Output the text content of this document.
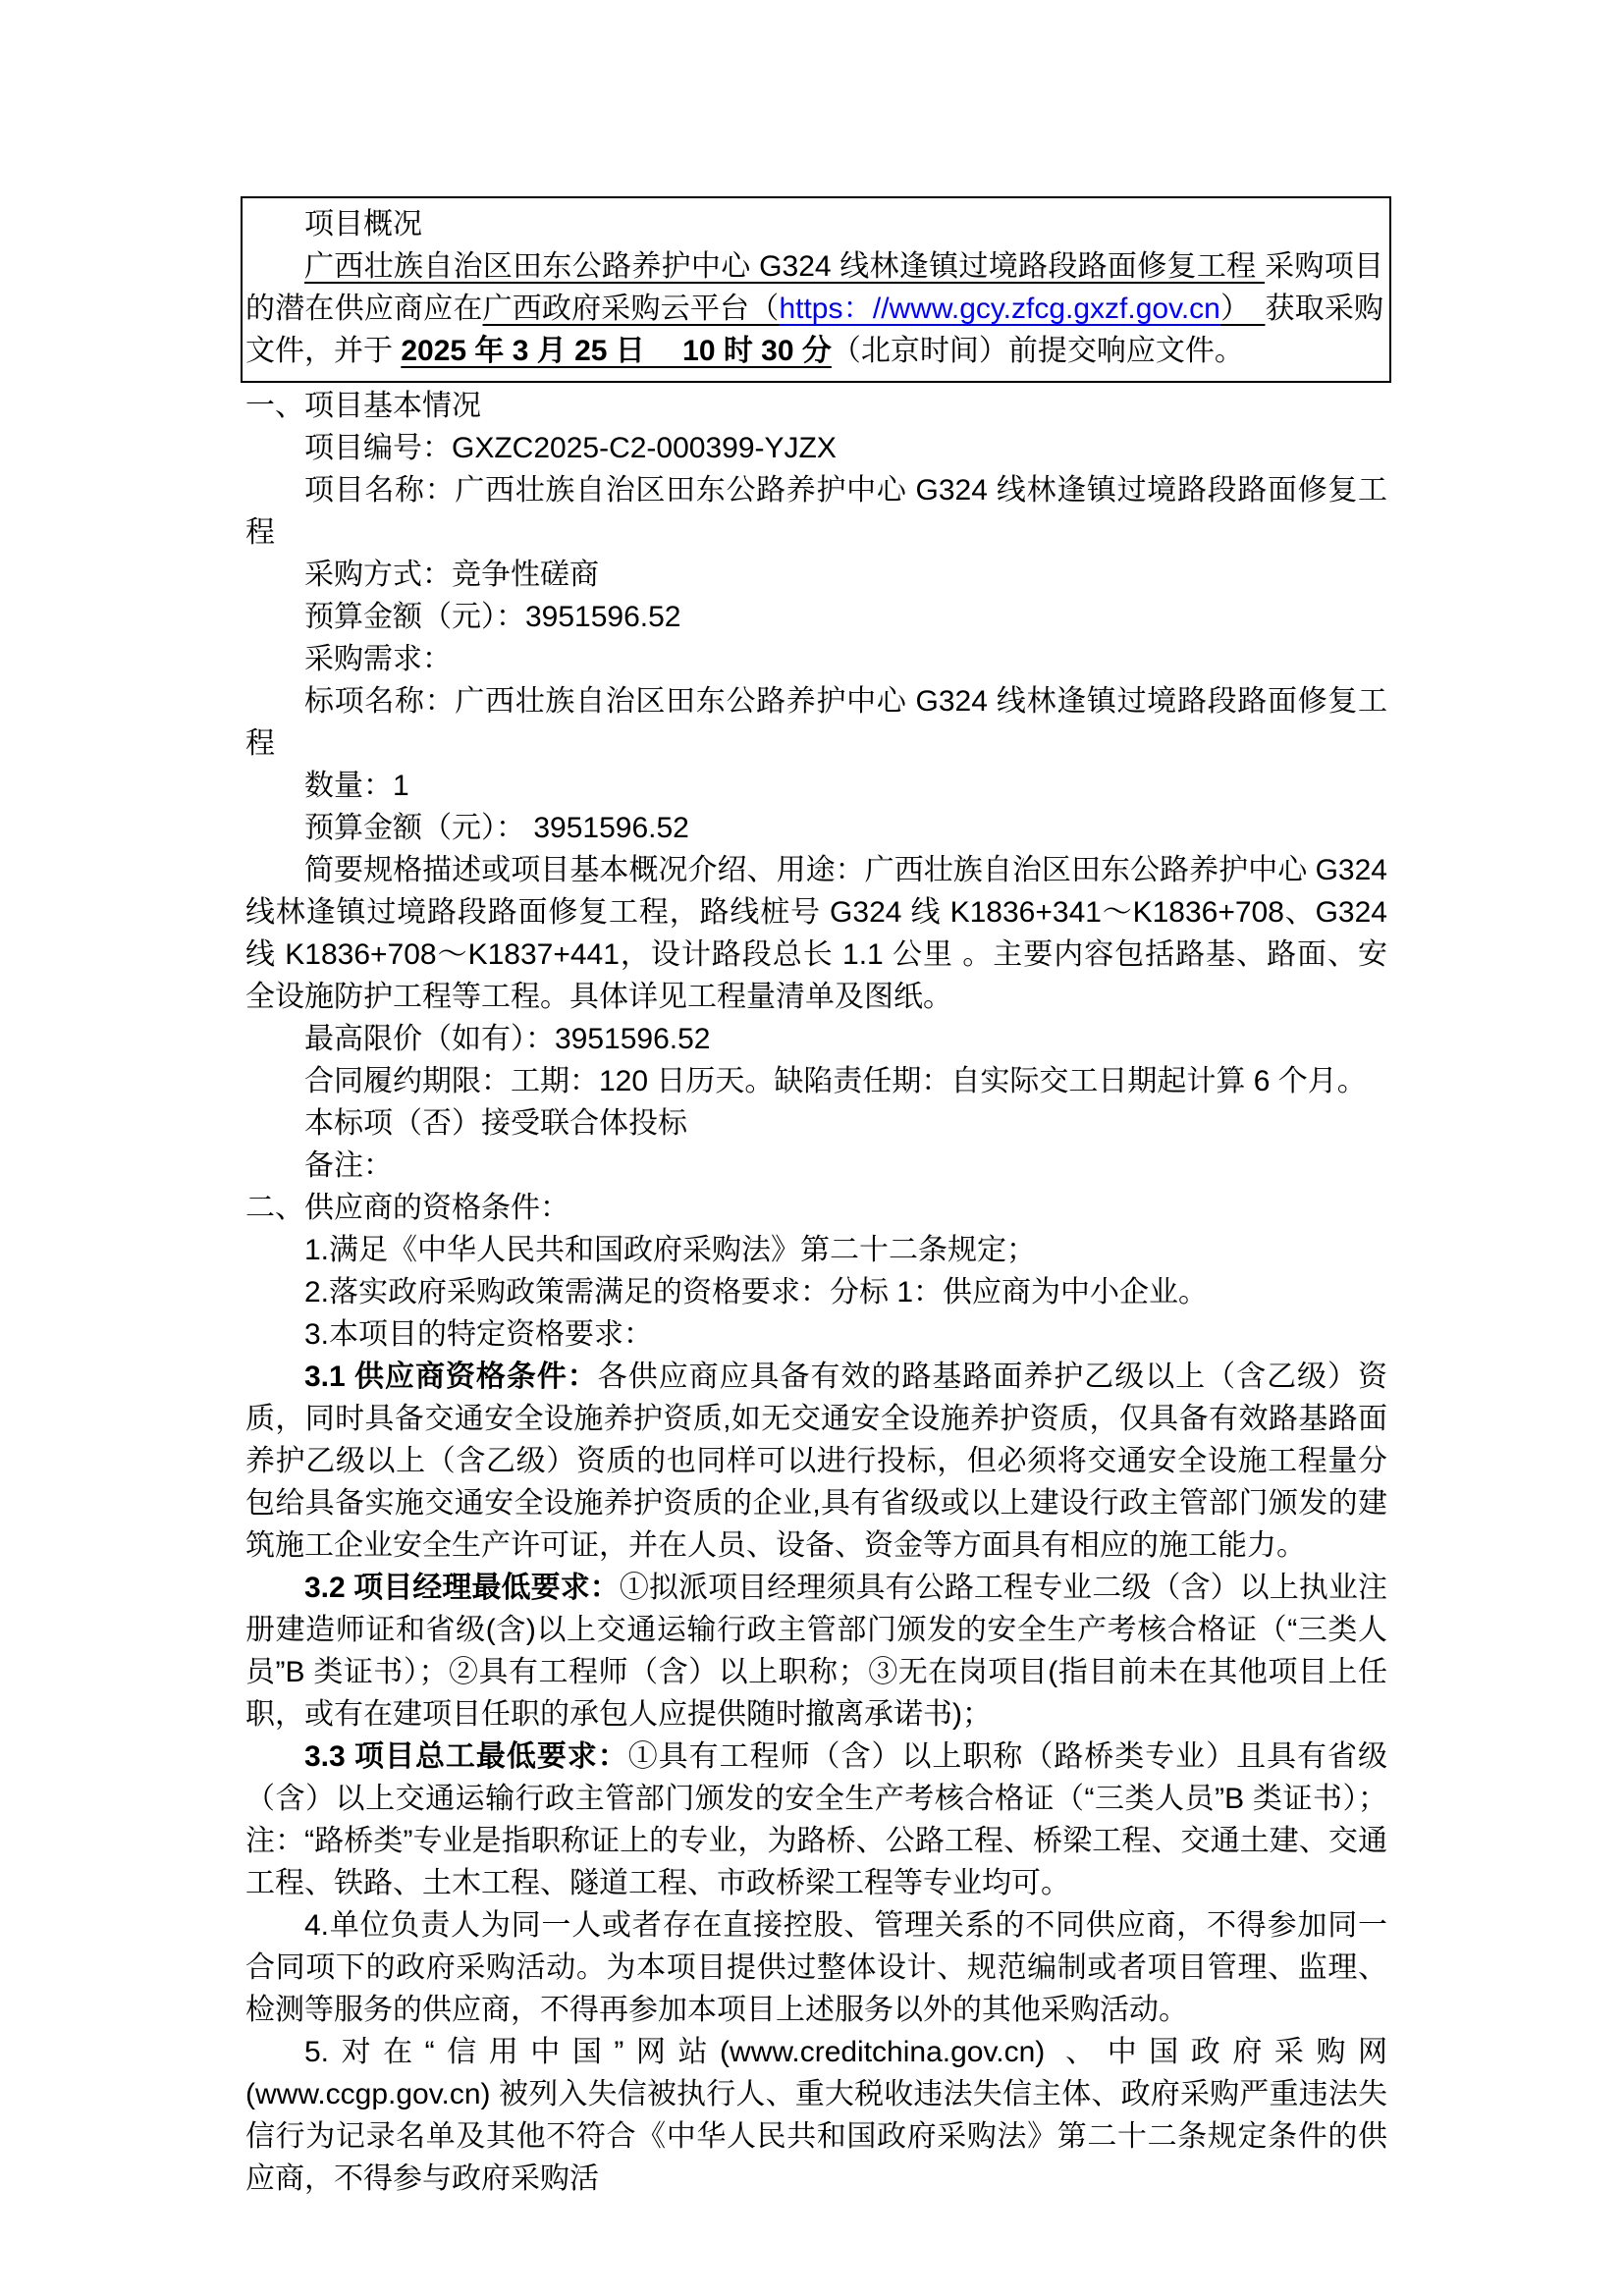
项目概况

广西壮族自治区田东公路养护中心 G324 线林逢镇过境路段路面修复工程 采购项目的潜在供应商应在广西政府采购云平台（https：//www.gcy.zfcg.gxzf.gov.cn）　获取采购文件，并于 2025 年 3 月 25 日　 10 时 30 分（北京时间）前提交响应文件。

一、项目基本情况

项目编号：GXZC2025-C2-000399-YJZX

项目名称：广西壮族自治区田东公路养护中心 G324 线林逢镇过境路段路面修复工程

采购方式：竞争性磋商

预算金额（元）：3951596.52

采购需求：

标项名称：广西壮族自治区田东公路养护中心 G324 线林逢镇过境路段路面修复工程

数量：1

预算金额（元）： 3951596.52

简要规格描述或项目基本概况介绍、用途：广西壮族自治区田东公路养护中心 G324 线林逢镇过境路段路面修复工程，路线桩号 G324 线 K1836+341～K1836+708、G324 线 K1836+708～K1837+441，设计路段总长 1.1 公里 。主要内容包括路基、路面、安全设施防护工程等工程。具体详见工程量清单及图纸。

最高限价（如有）：3951596.52

合同履约期限：工期：120 日历天。缺陷责任期：自实际交工日期起计算 6 个月。

本标项（否）接受联合体投标

备注：

二、供应商的资格条件：

1.满足《中华人民共和国政府采购法》第二十二条规定；

2.落实政府采购政策需满足的资格要求：分标 1：供应商为中小企业。

3.本项目的特定资格要求：

3.1 供应商资格条件：各供应商应具备有效的路基路面养护乙级以上（含乙级）资质，同时具备交通安全设施养护资质,如无交通安全设施养护资质，仅具备有效路基路面养护乙级以上（含乙级）资质的也同样可以进行投标，但必须将交通安全设施工程量分包给具备实施交通安全设施养护资质的企业,具有省级或以上建设行政主管部门颁发的建筑施工企业安全生产许可证，并在人员、设备、资金等方面具有相应的施工能力。

3.2 项目经理最低要求：①拟派项目经理须具有公路工程专业二级（含）以上执业注册建造师证和省级(含)以上交通运输行政主管部门颁发的安全生产考核合格证（“三类人员”B 类证书）；②具有工程师（含）以上职称；③无在岗项目(指目前未在其他项目上任职，或有在建项目任职的承包人应提供随时撤离承诺书)；

3.3 项目总工最低要求：①具有工程师（含）以上职称（路桥类专业）且具有省级（含）以上交通运输行政主管部门颁发的安全生产考核合格证（“三类人员”B 类证书）；注：“路桥类”专业是指职称证上的专业，为路桥、公路工程、桥梁工程、交通土建、交通工程、铁路、土木工程、隧道工程、市政桥梁工程等专业均可。

4.单位负责人为同一人或者存在直接控股、管理关系的不同供应商，不得参加同一合同项下的政府采购活动。为本项目提供过整体设计、规范编制或者项目管理、监理、检测等服务的供应商，不得再参加本项目上述服务以外的其他采购活动。

5.对在“信用中国”网站(www.creditchina.gov.cn) 、中国政府采购网(www.ccgp.gov.cn) 被列入失信被执行人、重大税收违法失信主体、政府采购严重违法失信行为记录名单及其他不符合《中华人民共和国政府采购法》第二十二条规定条件的供应商，不得参与政府采购活
